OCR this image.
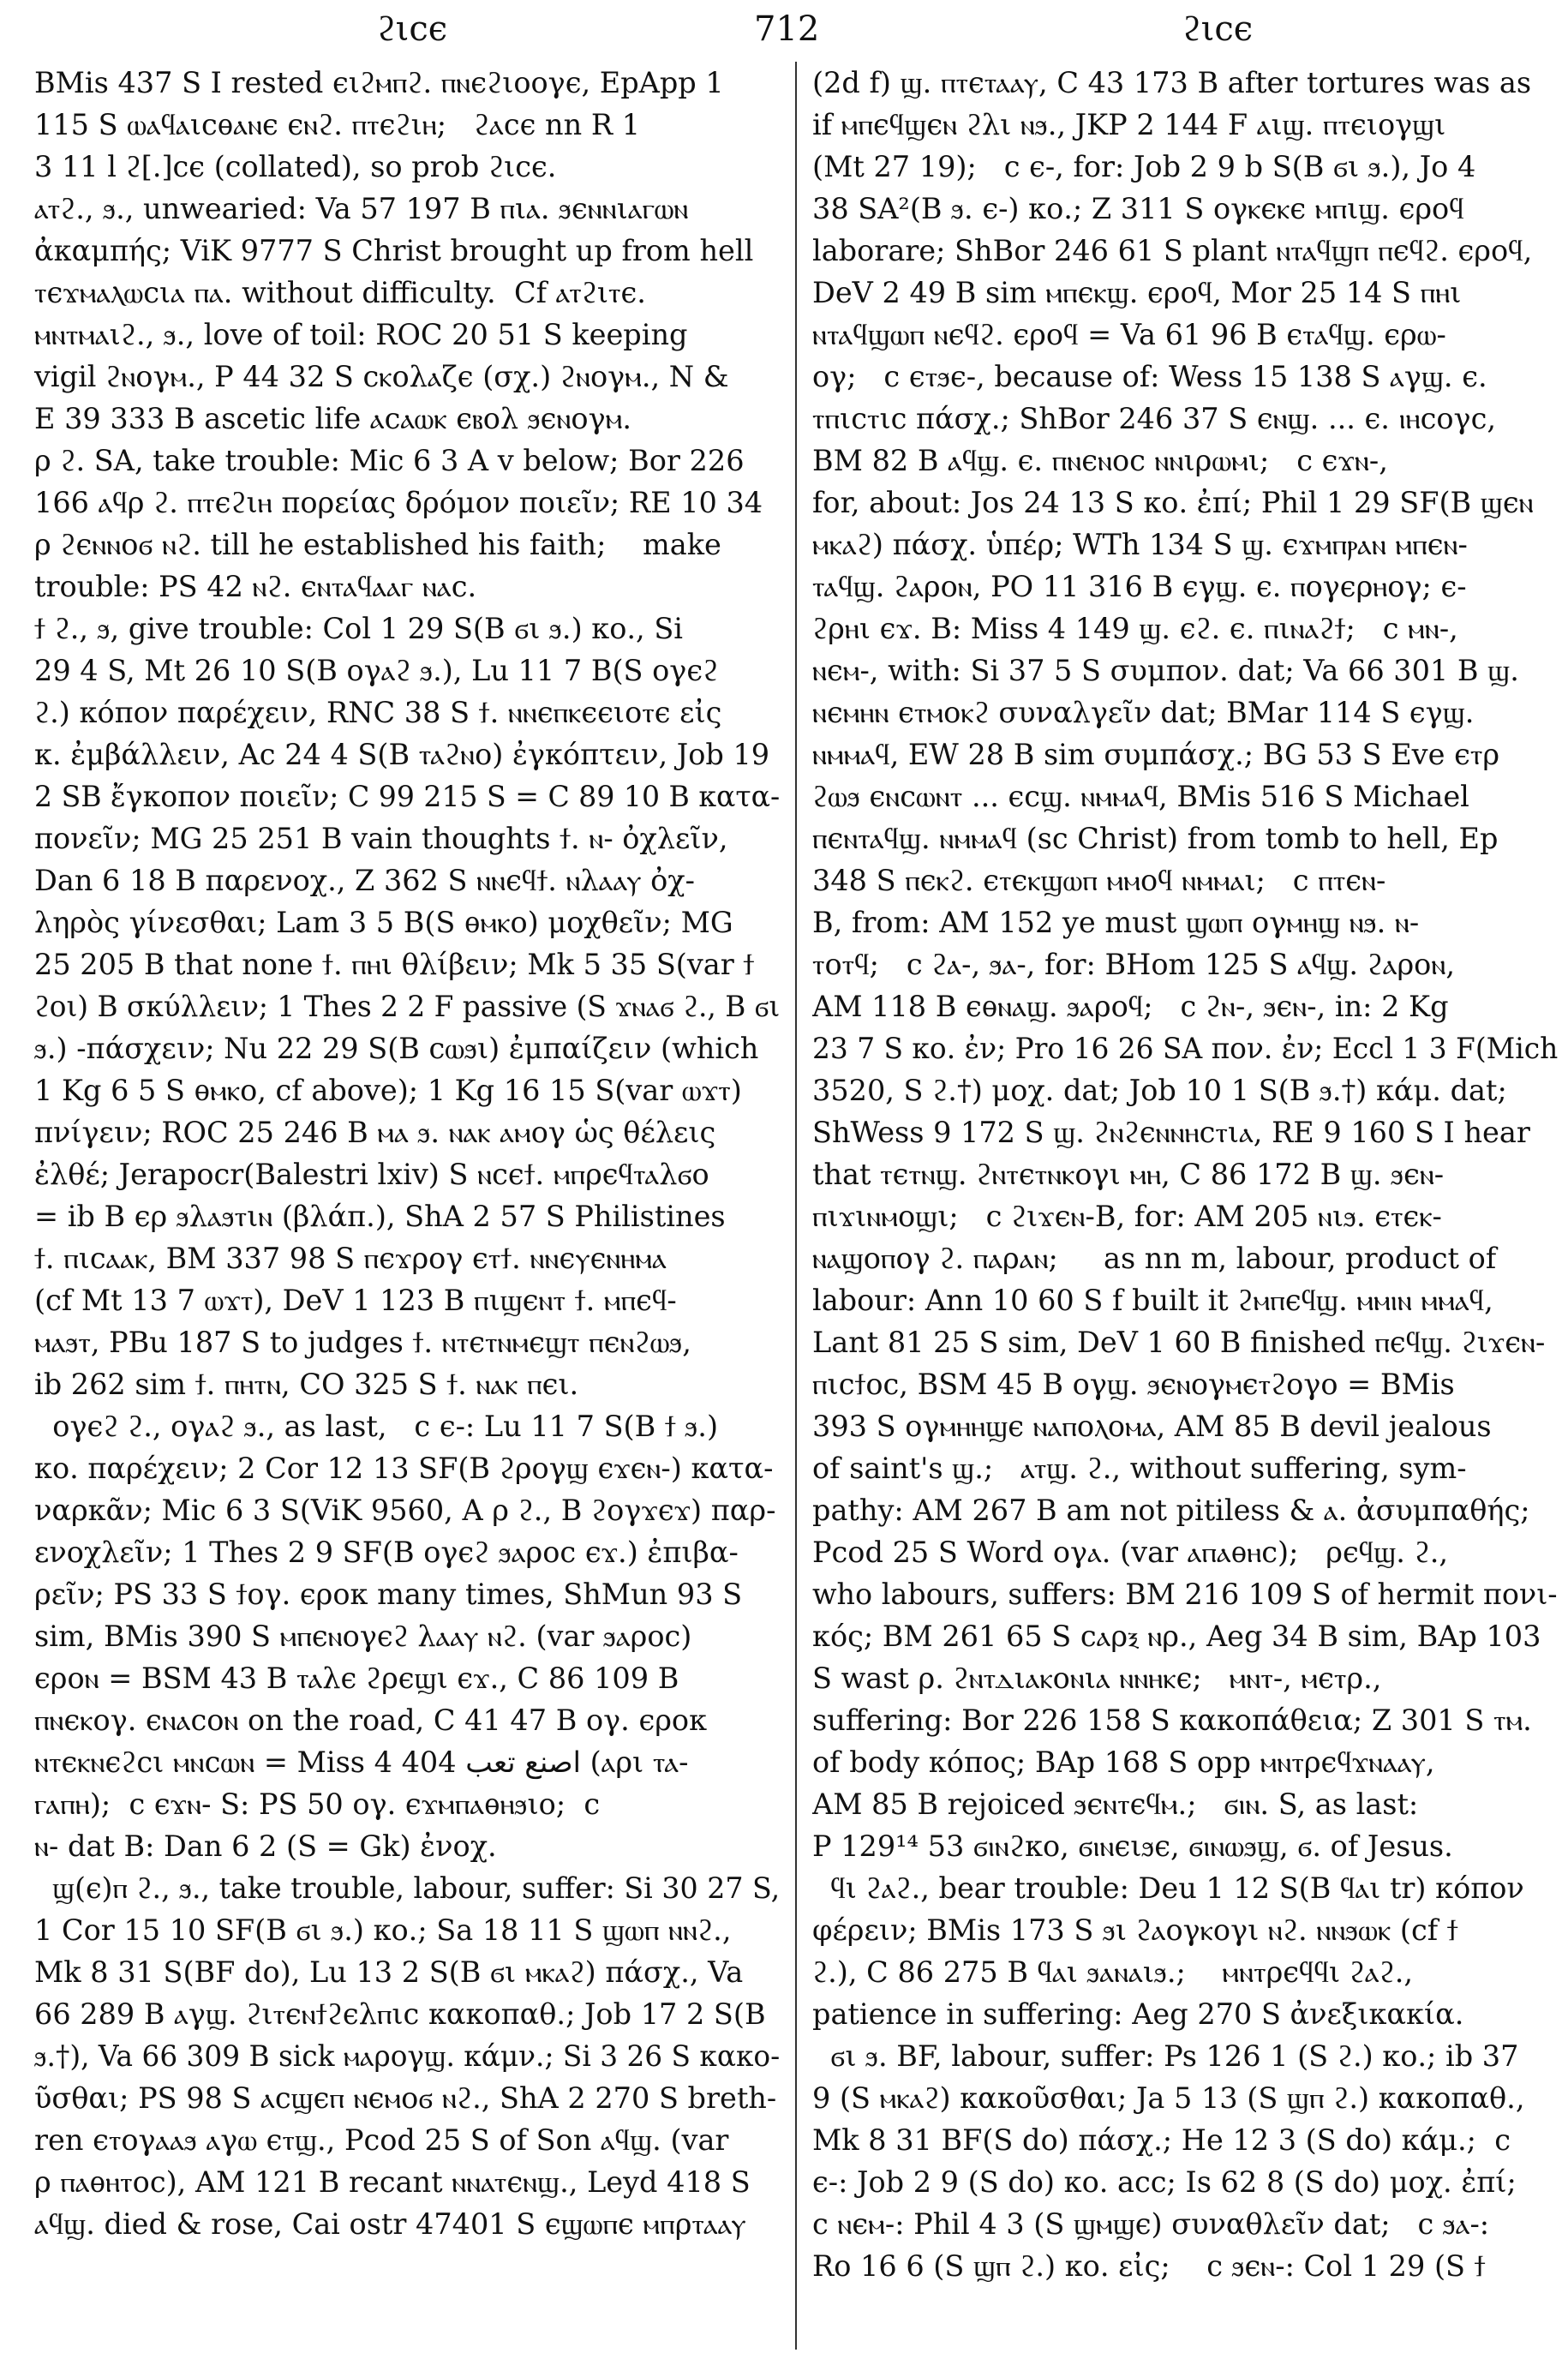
ϩιсє	712	ϩιсє
BMis 437 S I rested єιϩⲙⲡϩ. ⲡⲛєϩιοογє, EpApp 1
115 S ⲱⲁϥⲁιсѳⲁⲛє єⲛϩ. ⲡⲧєϩιⲏ;   ϩⲁсє nn R 1
3 11 l ϩ[.]cє (collated), so prob ϩιсє.
ⲁⲧϩ., ϧ., unwearied: Va 57 197 B ⲡιⲁ. ϧєⲛⲛιⲁⲅⲱⲛ
ἀκαμπής; ViK 9777 S Christ brought up from hell
ⲧєϫⲙⲁⲗⲱсιⲁ ⲡⲁ. without difficulty.  Cf ⲁⲧϩιⲧє.
ⲙⲛⲧⲙⲁιϩ., ϧ., love of toil: ROC 20 51 S keeping
vigil ϩⲛογⲙ., P 44 32 S сⲕολⲁζє (σχ.) ϩⲛογⲙ., N &
E 39 333 B ascetic life ⲁсⲁⲱⲕ єⲃολ ϧєⲛογⲙ.
ρ ϩ. SA, take trouble: Mic 6 3 A v below; Bor 226
166 ⲁϥρ ϩ. ⲡⲧєϩιⲏ πορείας δρόμον ποιεῖν; RE 10 34
ρ ϩєⲛⲛοϭ ⲛϩ. till he established his faith;    make
trouble: PS 42 ⲛϩ. єⲛⲧⲁϥⲁⲁⲅ ⲛⲁс.
ϯ ϩ., ϧ, give trouble: Col 1 29 S(B ϭι ϧ.) κο., Si
29 4 S, Mt 26 10 S(B ογⲁϩ ϧ.), Lu 11 7 B(S ογєϩ
ϩ.) κόπον παρέχειν, RNC 38 S ϯ. ⲛⲛєⲡⲕєєιοⲧє εἰς
κ. ἐμβάλλειν, Ac 24 4 S(B ⲧⲁϩⲛο) ἐγκόπτειν, Job 19
2 SB ἔγκοπον ποιεῖν; C 99 215 S = C 89 10 B κατα-
πονεῖν; MG 25 251 B vain thoughts ϯ. ⲛ- ὀχλεῖν,
Dan 6 18 B παρενοχ., Z 362 S ⲛⲛєϥϯ. ⲛλⲁⲁⲩ ὀχ-
ληρὸς γίνεσθαι; Lam 3 5 B(S ѳⲙⲕο) μοχθεῖν; MG
25 205 B that none ϯ. ⲡⲏι θλίβειν; Mk 5 35 S(var ϯ
ϩοι) B σκύλλειν; 1 Thes 2 2 F passive (S ϫⲛⲁϭ ϩ., B ϭι
ϧ.) -πάσχειν; Nu 22 29 S(B сⲱϧι) ἐμπαίζειν (which
1 Kg 6 5 S ѳⲙⲕο, cf above); 1 Kg 16 15 S(var ⲱϫⲧ)
πνίγειν; ROC 25 246 B ⲙⲁ ϧ. ⲛⲁⲕ ⲁⲙογ ὡς θέλεις
ἐλθέ; Jerapocr(Balestri lxiv) S ⲛсєϯ. ⲙⲡρєϥⲧⲁλϭο
= ib B єρ ϧλⲁϧⲧιⲛ (βλάπ.), ShA 2 57 S Philistines
ϯ. ⲡιсⲁⲁⲕ, BM 337 98 S ⲡєϫρογ єⲧϯ. ⲛⲛєⲩєⲛⲏⲙⲁ
(cf Mt 13 7 ⲱϫⲧ), DeV 1 123 B ⲡιϣєⲛⲧ ϯ. ⲙⲡєϥ-
ⲙⲁϧⲧ, PBu 187 S to judges ϯ. ⲛⲧєⲧⲛⲙєϣⲧ ⲡєⲛϩⲱϧ,
ib 262 sim ϯ. ⲡⲏⲧⲛ, CO 325 S ϯ. ⲛⲁⲕ ⲡєι.
ογєϩ ϩ., ογⲁϩ ϧ., as last,   c є-: Lu 11 7 S(B ϯ ϧ.)
κο. παρέχειν; 2 Cor 12 13 SF(B ϩρογϣ єϫєⲛ-) κατα-
ναρκᾶν; Mic 6 3 S(ViK 9560, A ρ ϩ., B ϩογϫєϫ) παρ-
ενοχλεῖν; 1 Thes 2 9 SF(B ογєϩ ϧⲁροс єϫ.) ἐπιβα-
ρεῖν; PS 33 S ϯογ. єροκ many times, ShMun 93 S
sim, BMis 390 S ⲙⲡєⲛογєϩ λⲁⲁⲩ ⲛϩ. (var ϧⲁροс)
єροⲛ = BSM 43 B ⲧⲁλє ϩρєϣι єϫ., C 86 109 B
ⲡⲛєⲕογ. єⲛⲁсοⲛ on the road, C 41 47 B ογ. єροκ
ⲛⲧєⲕⲛєϩсι ⲙⲛсⲱⲛ = Miss 4 404 اصنع تعب (ⲁρι ⲧⲁ-
ⲅⲁⲡⲏ);  c єϫⲛ- S: PS 50 ογ. єϫⲙⲡⲁѳⲏϧιο;  c
ⲛ- dat B: Dan 6 2 (S = Gk) ἐνοχ.
ϣ(є)ⲡ ϩ., ϧ., take trouble, labour, suffer: Si 30 27 S,
1 Cor 15 10 SF(B ϭι ϧ.) κο.; Sa 18 11 S ϣⲱⲡ ⲛⲛϩ.,
Mk 8 31 S(BF do), Lu 13 2 S(B ϭι ⲙⲕⲁϩ) πάσχ., Va
66 289 B ⲁγϣ. ϩιⲧєⲛϯϩєλⲡιс κακοπαθ.; Job 17 2 S(B
ϧ.†), Va 66 309 B sick ⲙⲁρογϣ. κάμν.; Si 3 26 S κακο-
ῦσθαι; PS 98 S ⲁсϣєⲡ ⲛєⲙοϭ ⲛϩ., ShA 2 270 S breth-
ren єⲧογⲁⲁϧ ⲁγⲱ єⲧϣ., Pcod 25 S of Son ⲁϥϣ. (var
ρ ⲡⲁѳⲏⲧοс), AM 121 B recant ⲛⲛⲁⲧєⲛϣ., Leyd 418 S
ⲁϥϣ. died & rose, Cai ostr 47401 S єϣⲱⲡє ⲙⲡρⲧⲁⲁⲩ
(2d f) ϣ. ⲡⲧєⲧⲁⲁⲩ, C 43 173 B after tortures was as
if ⲙⲡєϥϣєⲛ ϩλι ⲛϧ., JKP 2 144 F ⲁιϣ. ⲡⲧєιογϣι
(Mt 27 19);   c є-, for: Job 2 9 b S(B ϭι ϧ.), Jo 4
38 SA²(B ϧ. є-) κο.; Z 311 S ογⲕєⲕє ⲙⲡιϣ. єροϥ
laborare; ShBor 246 61 S plant ⲛⲧⲁϥϣⲡ ⲡєϥϩ. єροϥ,
DeV 2 49 B sim ⲙⲡєⲕϣ. єροϥ, Mor 25 14 S ⲡⲏι
ⲛⲧⲁϥϣⲱⲡ ⲛєϥϩ. єροϥ = Va 61 96 B єⲧⲁϥϣ. єρⲱ-
ογ;   c єⲧϧє-, because of: Wess 15 138 S ⲁγϣ. є.
ⲧⲡιсⲧιс πάσχ.; ShBor 246 37 S єⲛϣ. ... є. ⲓⲏсογс,
BM 82 B ⲁϥϣ. є. ⲡⲛєⲛοс ⲛⲛιρⲱⲙι;   c єϫⲛ-,
for, about: Jos 24 13 S κο. ἐπί; Phil 1 29 SF(B ϣєⲛ
ⲙⲕⲁϩ) πάσχ. ὑπέρ; WTh 134 S ϣ. єϫⲙⲡⲣⲁⲛ ⲙⲡєⲛ-
ⲧⲁϥϣ. ϩⲁροⲛ, PO 11 316 B єγϣ. є. ⲡογєρⲏογ; є-
ϩρⲏι єϫ. B: Miss 4 149 ϣ. єϩ. є. ⲡιⲛⲁϩϯ;   c ⲙⲛ-,
ⲛєⲙ-, with: Si 37 5 S συμπον. dat; Va 66 301 B ϣ.
ⲛєⲙⲏⲛ єⲧⲙοⲕϩ συναλγεῖν dat; BMar 114 S єγϣ.
ⲛⲙⲙⲁϥ, EW 28 B sim συμπάσχ.; BG 53 S Eve єⲧρ
ϩⲱϧ єⲛсⲱⲛⲧ ... єсϣ. ⲛⲙⲙⲁϥ, BMis 516 S Michael
ⲡєⲛⲧⲁϥϣ. ⲛⲙⲙⲁϥ (sc Christ) from tomb to hell, Ep
348 S ⲡєⲕϩ. єⲧєⲕϣⲱⲡ ⲙⲙοϥ ⲛⲙⲙⲁι;   c ⲡⲧєⲛ-
B, from: AM 152 ye must ϣⲱⲡ ογⲙⲏϣ ⲛϧ. ⲛ-
ⲧοⲧϥ;   c ϩⲁ-, ϧⲁ-, for: BHom 125 S ⲁϥϣ. ϩⲁροⲛ,
AM 118 B єѳⲛⲁϣ. ϧⲁροϥ;   c ϩⲛ-, ϧєⲛ-, in: 2 Kg
23 7 S κο. ἐν; Pro 16 26 SA πον. ἐν; Eccl 1 3 F(Mich
3520, S ϩ.†) μοχ. dat; Job 10 1 S(B ϧ.†) κάμ. dat;
ShWess 9 172 S ϣ. ϩⲛϩєⲛⲛⲏсⲧιⲁ, RE 9 160 S I hear
that ⲧєⲧⲛϣ. ϩⲛⲧєⲧⲛⲕογι ⲙⲏ, C 86 172 B ϣ. ϧєⲛ-
ⲡιϫιⲛⲙοϣι;   c ϩιϫєⲛ-B, for: AM 205 ⲛιϧ. єⲧєⲕ-
ⲛⲁϣοⲡογ ϩ. ⲡⲁρⲁⲛ;     as nn m, labour, product of
labour: Ann 10 60 S f built it ϩⲙⲡєϥϣ. ⲙⲙⲓⲛ ⲙⲙⲁϥ,
Lant 81 25 S sim, DeV 1 60 B finished ⲡєϥϣ. ϩιϫєⲛ-
ⲡιсϯοс, BSM 45 B ογϣ. ϧєⲛογⲙєⲧϩογο = BMis
393 S ογⲙⲏⲏϣє ⲛⲁⲡοⲗοⲙⲁ, AM 85 B devil jealous
of saint's ϣ.;   ⲁⲧϣ. ϩ., without suffering, sym-
pathy: AM 267 B am not pitiless & ⲁ. ἀσυμπαθής;
Pcod 25 S Word ογⲁ. (var ⲁⲡⲁѳⲏс);   ρєϥϣ. ϩ.,
who labours, suffers: BM 216 109 S of hermit πονι-
κός; BM 261 65 S сⲁρⲝ ⲛρ., Aeg 34 B sim, BAp 103
S wast ρ. ϩⲛⲧⲇιⲁⲕοⲛιⲁ ⲛⲛⲏⲕє;   ⲙⲛⲧ-, ⲙєⲧρ.,
suffering: Bor 226 158 S κακοπάθεια; Z 301 S ⲧⲙ.
of body κόπος; BAp 168 S opp ⲙⲛⲧρєϥϫⲛⲁⲁⲩ,
AM 85 B rejoiced ϧєⲛⲧєϥⲙ.;   ϭⲓⲛ. S, as last:
P 129¹⁴ 53 ϭⲓⲛϩκο, ϭⲓⲛєιϧє, ϭⲓⲛⲱϧϣ, ϭ. of Jesus.
ϥι ϩⲁϩ., bear trouble: Deu 1 12 S(B ϥⲁι tr) κόπον
φέρειν; BMis 173 S ϧι ϩⲁογⲕογι ⲛϩ. ⲛⲛϧⲱⲕ (cf ϯ
ϩ.), C 86 275 B ϥⲁι ϧⲁⲛⲁιϧ.;    ⲙⲛⲧρєϥϥι ϩⲁϩ.,
patience in suffering: Aeg 270 S ἀνεξικακία.
ϭι ϧ. BF, labour, suffer: Ps 126 1 (S ϩ.) κο.; ib 37
9 (S ⲙⲕⲁϩ) κακοῦσθαι; Ja 5 13 (S ϣⲡ ϩ.) κακοπαθ.,
Mk 8 31 BF(S do) πάσχ.; He 12 3 (S do) κάμ.;  c
є-: Job 2 9 (S do) κο. acc; Is 62 8 (S do) μοχ. ἐπί;
c ⲛєⲙ-: Phil 4 3 (S ϣⲙϣє) συναθλεῖν dat;   c ϧⲁ-:
Ro 16 6 (S ϣⲡ ϩ.) κο. εἰς;    c ϧєⲛ-: Col 1 29 (S ϯ
